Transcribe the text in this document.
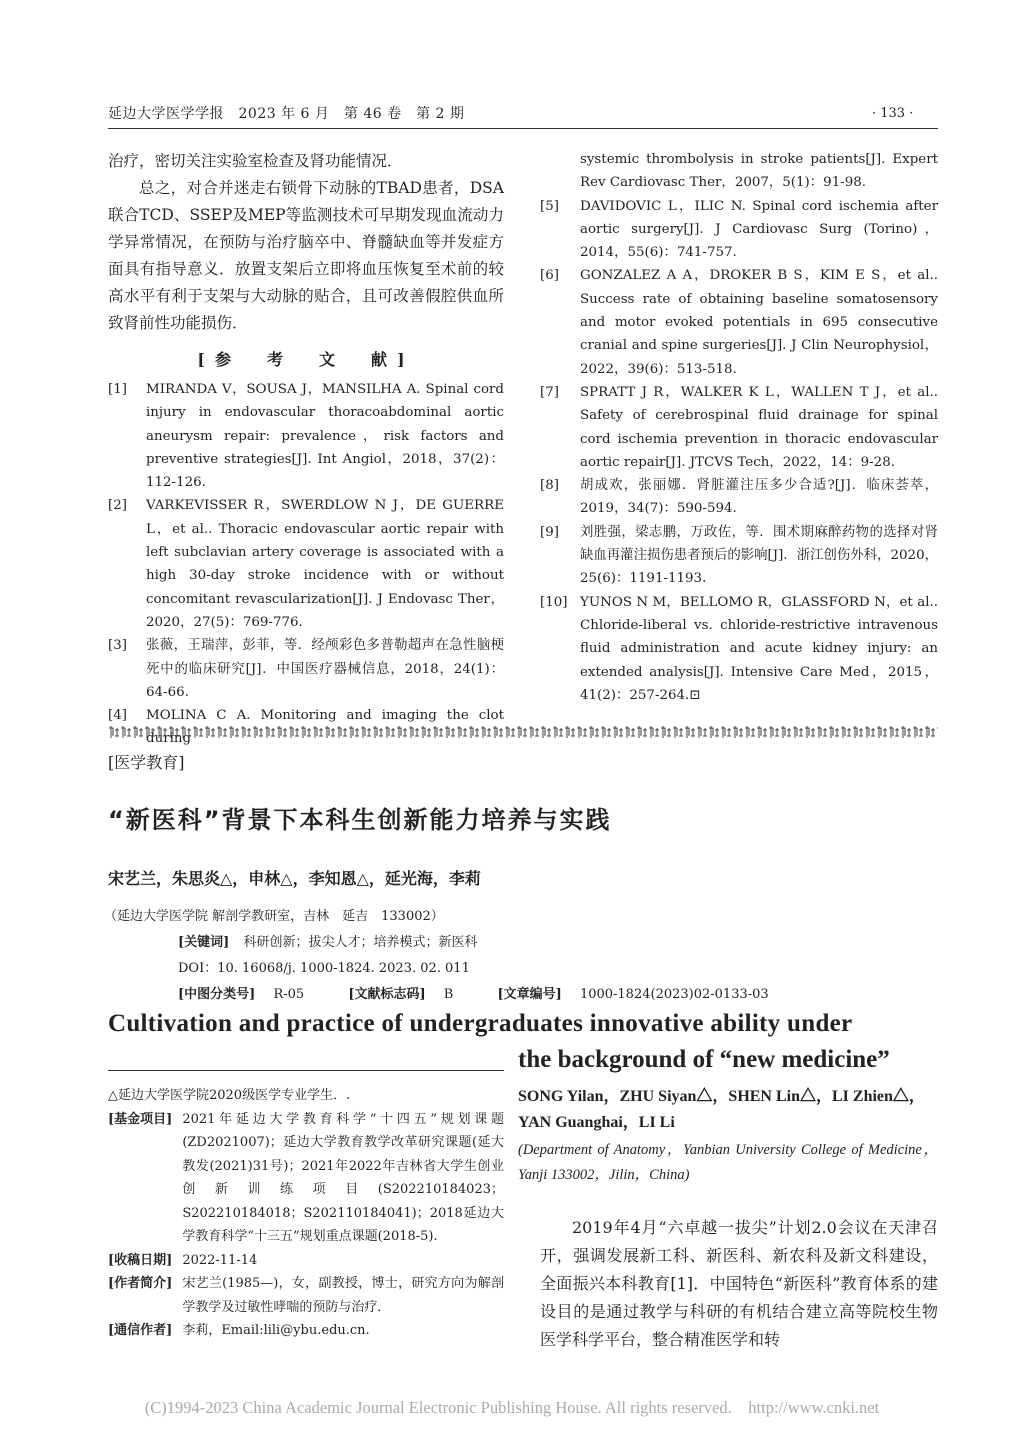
延边大学医学学报　2023 年 6 月　第 46 卷　第 2 期	· 133 ·

治疗，密切关注实验室检查及肾功能情况．

总之，对合并迷走右锁骨下动脉的TBAD患者，DSA联合TCD、SSEP及MEP等监测技术可早期发现血流动力学异常情况，在预防与治疗脑卒中、脊髓缺血等并发症方面具有指导意义．放置支架后立即将血压恢复至术前的较高水平有利于支架与大动脉的贴合，且可改善假腔供血所致肾前性功能损伤．

[参　考　文　献]
[1]	MIRANDA V，SOUSA J，MANSILHA A. Spinal cord injury in endovascular thoracoabdominal aortic aneurysm repair: prevalence，risk factors and preventive strategies[J]. Int Angiol，2018，37(2)：112-126.
[2]	VARKEVISSER R，SWERDLOW N J，DE GUERRE L，et al.. Thoracic endovascular aortic repair with left subclavian artery coverage is associated with a high 30-day stroke incidence with or without concomitant revascularization[J]. J Endovasc Ther，2020，27(5)：769-776.
[3]	张薇，王瑞萍，彭菲，等．经颅彩色多普勒超声在急性脑梗死中的临床研究[J]．中国医疗器械信息，2018，24(1)：64-66.
[4]	MOLINA C A. Monitoring and imaging the clot
systemic thrombolysis in stroke patients[J]. Expert Rev Cardiovasc Ther，2007，5(1)：91-98.
[5]	DAVIDOVIC L，ILIC N. Spinal cord ischemia after aortic surgery[J]. J Cardiovasc Surg (Torino)，2014，55(6)：741-757.
[6]	GONZALEZ A A，DROKER B S，KIM E S，et al.. Success rate of obtaining baseline somatosensory and motor evoked potentials in 695 consecutive cranial and spine surgeries[J]. J Clin Neurophysiol，2022，39(6)：513-518.
[7]	SPRATT J R，WALKER K L，WALLEN T J，et al.. Safety of cerebrospinal fluid drainage for spinal cord ischemia prevention in thoracic endovascular aortic repair[J]. JTCVS Tech，2022，14：9-28.
[8]	胡成欢，张丽娜．肾脏灌注压多少合适?[J]．临床荟萃，2019，34(7)：590-594.
[9]	刘胜强，梁志鹏，万政佐，等．围术期麻醉药物的选择对肾缺血再灌注损伤患者预后的影响[J]．浙江创伤外科，2020，25(6)：1191-1193.
[10] YUNOS N M，BELLOMO R，GLASSFORD N，et al.. Chloride-liberal vs. chloride-restrictive intravenous fluid administration and acute kidney injury: an extended analysis[J]. Intensive Care Med，2015，41(2)：257-264.⊡
[医学教育]
“新医科”背景下本科生创新能力培养与实践
宋艺兰，朱思炎△，申林△，李知恩△，延光海，李莉
（延边大学医学院 解剖学教研室，吉林　延吉　133002）
[关键词] 科研创新；拔尖人才；培养模式；新医科
DOI：10. 16068/j. 1000-1824. 2023. 02. 011
[中图分类号] R-05	[文献标志码] B	[文章编号] 1000-1824(2023)02-0133-03
Cultivation and practice of undergraduates innovative ability under
the background of “new medicine”
SONG Yilan，ZHU Siyan△，SHEN Lin△，LI Zhien△，YAN Guanghai，LI Li
(Department of Anatomy，Yanbian University College of Medicine，Yanji 133002，Jilin，China)

△延边大学医学院2020级医学专业学生．.

[基金项目] 2021年延边大学教育科学“十四五”规划课题(ZD2021007)；延边大学教育教学改革研究课题(延大教发(2021)31号)；2021年2022年吉林省大学生创业创新训练项目(S202210184023；S202210184018；S202110184041)；2018延边大学教育科学“十三五”规划重点课题(2018-5).
[收稿日期] 2022-11-14
[作者简介] 宋艺兰(1985—)，女，副教授，博士，研究方向为解剖学教学及过敏性哮喘的预防与治疗．
[通信作者] 李莉，Email:lili@ybu.edu.cn.

2019年4月“六卓越一拔尖”计划2.0会议在天津召开，强调发展新工科、新医科、新农科及新文科建设，全面振兴本科教育[1]．中国特色“新医科”教育体系的建设目的是通过教学与科研的有机结合建立高等院校生物医学科学平台，整合精准医学和转

(C)1994-2023 China Academic Journal Electronic Publishing House. All rights reserved.　http://www.cnki.net
